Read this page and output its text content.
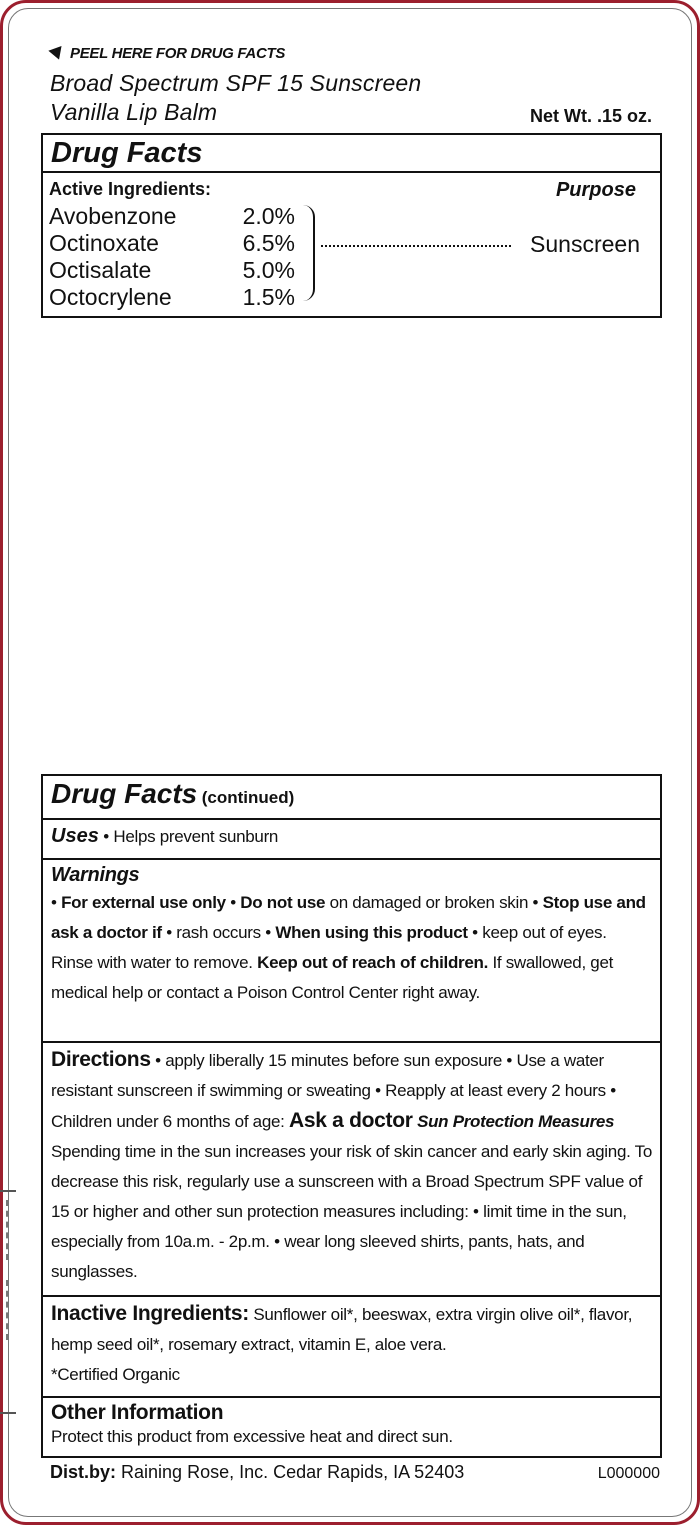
PEEL HERE FOR DRUG FACTS
Broad Spectrum SPF 15 Sunscreen
Vanilla Lip Balm	Net Wt. .15 oz.
Drug Facts
Active Ingredients:	Purpose
Avobenzone	2.0%
Octinoxate	6.5%
Octisalate	5.0%
Octocrylene	1.5%
Sunscreen
Drug Facts (continued)
Uses • Helps prevent sunburn
Warnings
• For external use only • Do not use on damaged or broken skin • Stop use and ask a doctor if • rash occurs • When using this product • keep out of eyes. Rinse with water to remove. Keep out of reach of children. If swallowed, get medical help or contact a Poison Control Center right away.
Directions • apply liberally 15 minutes before sun exposure • Use a water resistant sunscreen if swimming or sweating • Reapply at least every 2 hours • Children under 6 months of age: Ask a doctor Sun Protection Measures Spending time in the sun increases your risk of skin cancer and early skin aging. To decrease this risk, regularly use a sunscreen with a Broad Spectrum SPF value of 15 or higher and other sun protection measures including: • limit time in the sun, especially from 10a.m. - 2p.m. • wear long sleeved shirts, pants, hats, and sunglasses.
Inactive Ingredients: Sunflower oil*, beeswax, extra virgin olive oil*, flavor, hemp seed oil*, rosemary extract, vitamin E, aloe vera.
*Certified Organic
Other Information
Protect this product from excessive heat and direct sun.
Dist.by: Raining Rose, Inc. Cedar Rapids, IA 52403	L000000
